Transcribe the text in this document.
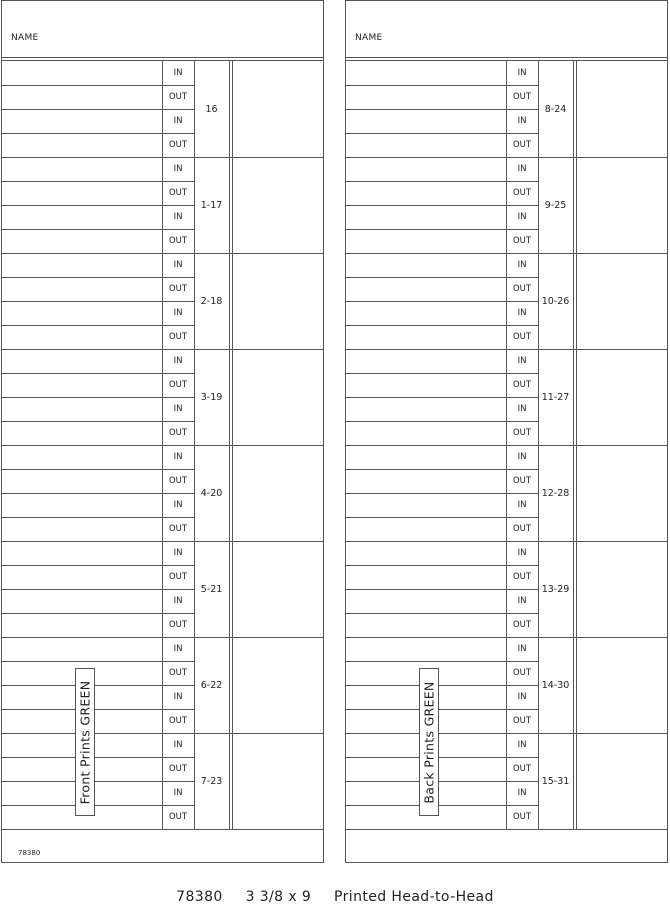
NAME
IN
OUT
IN
OUT
16
IN
OUT
IN
OUT
1-17
IN
OUT
IN
OUT
2-18
IN
OUT
IN
OUT
3-19
IN
OUT
IN
OUT
4-20
IN
OUT
IN
OUT
5-21
IN
OUT
IN
OUT
6-22
IN
OUT
IN
OUT
7-23
Front Prints GREEN
78380
NAME
IN
OUT
IN
OUT
8-24
IN
OUT
IN
OUT
9-25
IN
OUT
IN
OUT
10-26
IN
OUT
IN
OUT
11-27
IN
OUT
IN
OUT
12-28
IN
OUT
IN
OUT
13-29
IN
OUT
IN
OUT
14-30
IN
OUT
IN
OUT
15-31
Back Prints GREEN
78380 3 3/8 x 9 Printed Head-to-Head
